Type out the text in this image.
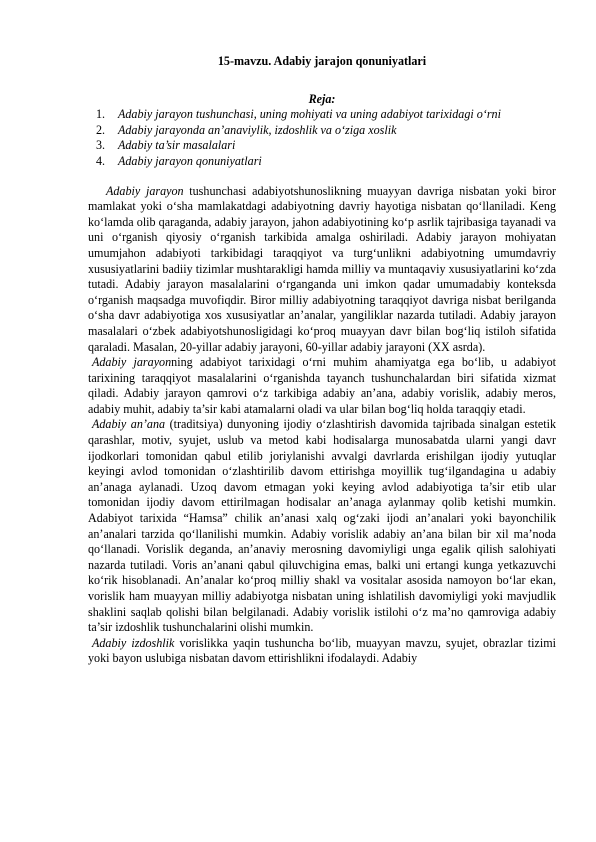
15-mavzu. Adabiy jarajon qonuniyatlari

Reja:

1. Adabiy jarayon tushunchasi, uning mohiyati va uning adabiyot tarixidagi o‘rni
2. Adabiy jarayonda an’anaviylik, izdoshlik va o‘ziga xoslik
3. Adabiy ta’sir masalalari
4. Adabiy jarayon qonuniyatlari

Adabiy jarayon tushunchasi adabiyotshunoslikning muayyan davriga nisbatan yoki biror mamlakat yoki o‘sha mamlakatdagi adabiyotning davriy hayotiga nisbatan qo‘llaniladi. Keng ko‘lamda olib qaraganda, adabiy jarayon, jahon adabiyotining ko‘p asrlik tajribasiga tayanadi va uni o‘rganish qiyosiy o‘rganish tarkibida amalga oshiriladi. Adabiy jarayon mohiyatan umumjahon adabiyoti tarkibidagi taraqqiyot va turg‘unlikni adabiyotning umumdavriy xususiyatlarini badiiy tizimlar mushtarakligi hamda milliy va muntaqaviy xususiyatlarini ko‘zda tutadi. Adabiy jarayon masalalarini o‘rganganda uni imkon qadar umumadabiy konteksda o‘rganish maqsadga muvofiqdir. Biror milliy adabiyotning taraqqiyot davriga nisbat berilganda o‘sha davr adabiyotiga xos xususiyatlar an’analar, yangiliklar nazarda tutiladi. Adabiy jarayon masalalari o‘zbek adabiyotshunosligidagi ko‘proq muayyan davr bilan bog‘liq istiloh sifatida qaraladi. Masalan, 20-yillar adabiy jarayoni, 60-yillar adabiy jarayoni (XX asrda).

Adabiy jarayonning adabiyot tarixidagi o‘rni muhim ahamiyatga ega bo‘lib, u adabiyot tarixining taraqqiyot masalalarini o‘rganishda tayanch tushunchalardan biri sifatida xizmat qiladi. Adabiy jarayon qamrovi o‘z tarkibiga adabiy an’ana, adabiy vorislik, adabiy meros, adabiy muhit, adabiy ta’sir kabi atamalarni oladi va ular bilan bog‘liq holda taraqqiy etadi.

Adabiy an’ana (traditsiya) dunyoning ijodiy o‘zlashtirish davomida tajribada sinalgan estetik qarashlar, motiv, syujet, uslub va metod kabi hodisalarga munosabatda ularni yangi davr ijodkorlari tomonidan qabul etilib joriylanishi avvalgi davrlarda erishilgan ijodiy yutuqlar keyingi avlod tomonidan o‘zlashtirilib davom ettirishga moyillik tug‘ilgandagina u adabiy an’anaga aylanadi. Uzoq davom etmagan yoki keying avlod adabiyotiga ta’sir etib ular tomonidan ijodiy davom ettirilmagan hodisalar an’anaga aylanmay qolib ketishi mumkin. Adabiyot tarixida “Hamsa” chilik an’anasi xalq og‘zaki ijodi an’analari yoki bayonchilik an’analari tarzida qo‘llanilishi mumkin. Adabiy vorislik adabiy an’ana bilan bir xil ma’noda qo‘llanadi. Vorislik deganda, an’anaviy merosning davomiyligi unga egalik qilish salohiyati nazarda tutiladi. Voris an’anani qabul qiluvchigina emas, balki uni ertangi kunga yetkazuvchi ko‘rik hisoblanadi. An’analar ko‘proq milliy shakl va vositalar asosida namoyon bo‘lar ekan, vorislik ham muayyan milliy adabiyotga nisbatan uning ishlatilish davomiyligi yoki mavjudlik shaklini saqlab qolishi bilan belgilanadi. Adabiy vorislik istilohi o‘z ma’no qamroviga adabiy ta’sir izdoshlik tushunchalarini olishi mumkin.

Adabiy izdoshlik vorislikka yaqin tushuncha bo‘lib, muayyan mavzu, syujet, obrazlar tizimi yoki bayon uslubiga nisbatan davom ettirishlikni ifodalaydi. Adabiy
